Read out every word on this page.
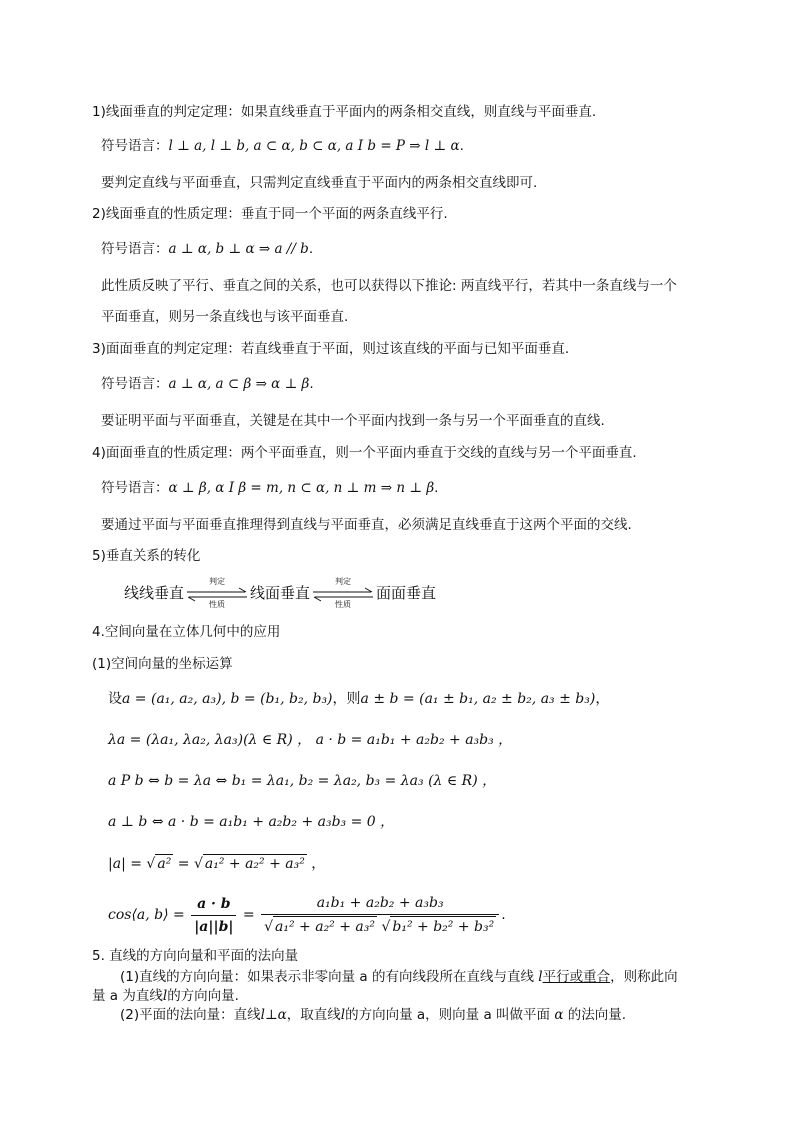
1)线面垂直的判定定理：如果直线垂直于平面内的两条相交直线，则直线与平面垂直.
符号语言：l ⊥ a, l ⊥ b, a ⊂ α, b ⊂ α, a I b = P ⇒ l ⊥ α.
要判定直线与平面垂直，只需判定直线垂直于平面内的两条相交直线即可.
2)线面垂直的性质定理：垂直于同一个平面的两条直线平行.
符号语言：a ⊥ α, b ⊥ α ⇒ a // b.
此性质反映了平行、垂直之间的关系，也可以获得以下推论: 两直线平行，若其中一条直线与一个
平面垂直，则另一条直线也与该平面垂直.
3)面面垂直的判定定理：若直线垂直于平面，则过该直线的平面与已知平面垂直.
符号语言：a ⊥ α, a ⊂ β ⇒ α ⊥ β.
要证明平面与平面垂直，关键是在其中一个平面内找到一条与另一个平面垂直的直线.
4)面面垂直的性质定理：两个平面垂直，则一个平面内垂直于交线的直线与另一个平面垂直.
符号语言：α ⊥ β, α I β = m, n ⊂ α, n ⊥ m ⇒ n ⊥ β.
要通过平面与平面垂直推理得到直线与平面垂直，必须满足直线垂直于这两个平面的交线.
5)垂直关系的转化
线线垂直
判定
性质
线面垂直
判定
性质
面面垂直
4.空间向量在立体几何中的应用
(1)空间向量的坐标运算
设a = (a₁, a₂, a₃), b = (b₁, b₂, b₃)，则a ± b = (a₁ ± b₁, a₂ ± b₂, a₃ ± b₃)，
λa = (λa₁, λa₂, λa₃)(λ ∈ R) ， a · b = a₁b₁ + a₂b₂ + a₃b₃ ，
a P b ⇔ b = λa ⇔ b₁ = λa₁, b₂ = λa₂, b₃ = λa₃ (λ ∈ R) ，
a ⊥ b ⇔ a · b = a₁b₁ + a₂b₂ + a₃b₃ = 0 ，
|a| = √ a² = √ a₁² + a₂² + a₃² ，
cos⟨a, b⟩ = $\frac{a \cdot b}{|a||b|} = \frac{\text{a₁b₁ + a₂b₂ + a₃b₃}}{\text{√ a₁² + a₂² + a₃² √ b₁² + b₂² + b₃²}}$ .
5. 直线的方向向量和平面的法向量
(1)直线的方向向量：如果表示非零向量 a 的有向线段所在直线与直线 l平行或重合，则称此向
量 a 为直线l的方向向量.
(2)平面的法向量：直线l⊥α，取直线l的方向向量 a，则向量 a 叫做平面 α 的法向量.
